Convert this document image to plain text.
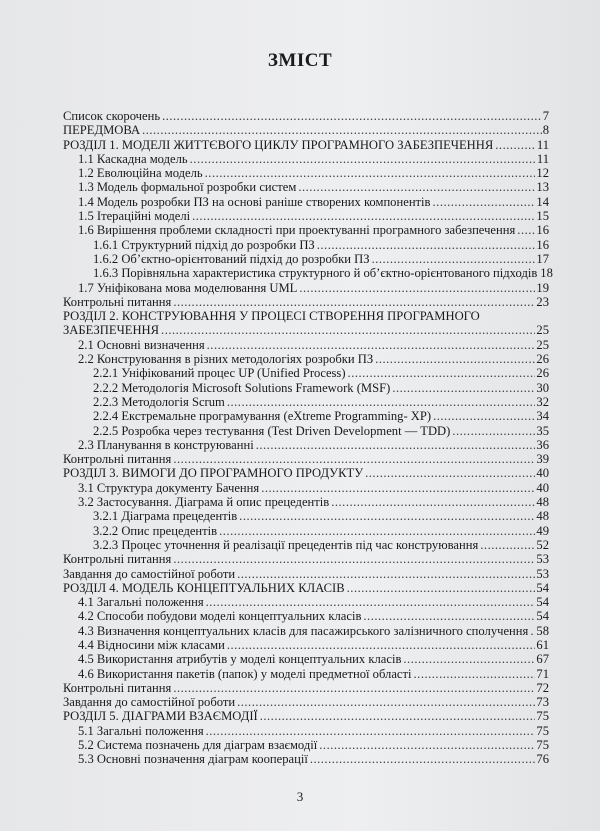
ЗМІСТ
Список скорочень .....	7
ПЕРЕДМОВА .....	8
РОЗДІЛ 1. МОДЕЛІ ЖИТТЄВОГО ЦИКЛУ ПРОГРАМНОГО ЗАБЕЗПЕЧЕННЯ .....	11
1.1 Каскадна модель .....	11
1.2 Еволюційна модель .....	12
1.3 Модель формальної розробки систем .....	13
1.4 Модель розробки ПЗ на основі раніше створених компонентів .....	14
1.5 Ітераційні моделі .....	15
1.6 Вирішення проблеми складності при проектуванні програмного забезпечення ..... 16
1.6.1 Структурний підхід до розробки ПЗ .....	16
1.6.2 Об’єктно-орієнтований підхід до розробки ПЗ .....	17
1.6.3 Порівняльна характеристика структурного й об’єктно-орієнтованого підходів 18
1.7 Уніфікована мова моделювання UML .....	19
Контрольні питання .....	23
РОЗДІЛ 2. КОНСТРУЮВАННЯ У ПРОЦЕСІ СТВОРЕННЯ ПРОГРАМНОГО
ЗАБЕЗПЕЧЕННЯ .....	25
2.1 Основні визначення .....	25
2.2 Конструювання в різних методологіях розробки ПЗ .....	26
2.2.1 Уніфікований процес UP (Unified Process) .....	26
2.2.2 Методологія Microsoft Solutions Framework (MSF) .....	30
2.2.3 Методологія Scrum .....	32
2.2.4 Екстремальне програмування (eXtreme Programming- XP) .....	34
2.2.5 Розробка через тестування (Test Driven Development — TDD) .....	35
2.3 Планування в конструюванні .....	36
Контрольні питання .....	39
РОЗДІЛ 3. ВИМОГИ ДО ПРОГРАМНОГО ПРОДУКТУ .....	40
3.1 Структура документу Бачення .....	40
3.2 Застосування. Діаграма й опис прецедентів .....	48
3.2.1 Діаграма прецедентів .....	48
3.2.2 Опис прецедентів .....	49
3.2.3 Процес уточнення й реалізації прецедентів під час конструювання .....	52
Контрольні питання .....	53
Завдання до самостійної роботи .....	53
РОЗДІЛ 4. МОДЕЛЬ КОНЦЕПТУАЛЬНИХ КЛАСІВ .....	54
4.1 Загальні положення .....	54
4.2 Способи побудови моделі концептуальних класів .....	54
4.3 Визначення концептуальних класів для пасажирського залізничного сполучення ..... 58
4.4 Відносини між класами .....	61
4.5 Використання атрибутів у моделі концептуальних класів .....	67
4.6 Використання пакетів (папок) у моделі предметної області .....	71
Контрольні питання .....	72
Завдання до самостійної роботи .....	73
РОЗДІЛ 5. ДІАГРАМИ ВЗАЄМОДІЇ .....	75
5.1 Загальні положення .....	75
5.2 Система позначень для діаграм взаємодії .....	75
5.3 Основні позначення діаграм кооперації .....	76
3
